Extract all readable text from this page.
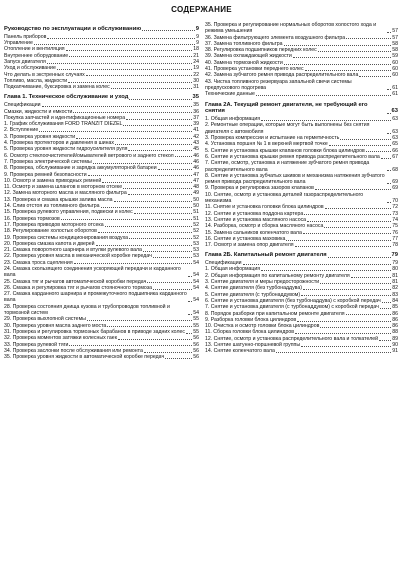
СОДЕРЖАНИЕ
Руководство по эксплуатации и обслуживанию	9
Панель приборов	9
Управление	9
Отопление и вентиляция	18
Внутреннее оборудование	21
Запуск двигателя	24
Уход и обслуживание	19
Что делать в экстренных случаях	22
Топливо, масла, жидкости	30
Подкапчивание, буксировка и замена колес	31
Глава 1. Техническое обслуживание и уход	35
Спецификации	35
Смазки, жидкости и емкости	36
Покупка запчастей и идентификационные номера	37
1. График обслуживания FORD TRANZIT DIEZEL	39
2. Вступление	41
3. Проверка уровня жидкости	42
4. Проверка протекторов и давления в шинах	43
5. Проверка уровня жидкости гидроусилителя руля	45
6. Осмотр стеклоочистителей/омывателей ветрового и заднего стекол	46
7. Проверка электрической системы	46
8. Проверка, обслуживание и зарядка аккумуляторной батареи	46
9. Проверка ремней безопасности	47
10. Осмотр и замена приводных ремней	47
11. Осмотр и замена шлангов в моторном отсеке	48
12. Замена моторного масла и масляного фильтра	49
13. Проверка и смазка крышки залива масла	50
14. Слив отстоя из топливного фильтра	50
15. Проверка рулевого управления, подвески и колес	51
16. Проверка тормозов	51
17. Проверка приводов моторного отсека	52
18. Регулирование холостых оборотов	52
19. Проверка системы кондиционирования воздуха	52
20. Проверка смазка капота и дверей	53
21. Смазка поворотного шарнира и втулки рулевого вала	53
22. Проверка уровня масла в механической коробке передач	53
23. Смазка троса сцепления	54
24. Смазка скользящего соединения ускоряющей передачи и карданного вала	54
25. Смазка тяг и рычагов автоматической коробки передач	54
26. Смазка и регулировка тяг и рычагов стояночного тормоза	54
27. Смазка карданного шарнира и промежуточного подшипника карданного вала	54
28. Проверка состояния днища кузова и трубопроводов топливной и тормозной систем	54
29. Проверка выхлопной системы	55
30. Проверка уровня масла заднего моста	55
31. Проверка и регулировка тормозных барабанов в приводе задних колес 55
32. Проверка моментов затяжки колесных гаек	56
33. Проверка рулевой тяги	56
34. Проверка заслонки после обслуживания или ремонта	56
35. Проверка уровня жидкости в автоматической коробке передач	56
35. Проверка и регулирование нормальных оборотов холостого хода и режима умеьшения	57
36. Замена фильтрующего элемента воздушного фильтра	57
37. Замена топливного фильтра	58
38. Регулировка подшипников передних колес	58
39. Замена охлаждающей жидкости	59
40. Замена тормозной жидкости	60
41. Проверка установки переднего колес	60
42. Замена зубчатого ремня привода распределительного вала	60
43. Чистка топливного резервуара запальной свечи системы предпускового подогрева	61
Технические данные	61
Глава 2А. Текущий ремонт двигателя, не требующий его снятия	63
1. Общая информация	63
2. Ремонтные операции, которые могут быть выполнены без снятия двигателя с автомобиля	63
3. Проверка компрессии и испытание на герметичность	63
4. Установка поршня № 1 в верхней мертвой точке	65
5. Снятие и установка крышки клапанов головки блока цилиндров	66
6. Снятие и установка крышки ремня привода распределительного вала 67
7. Снятие, осмотр, установка и натяжение зубчатого ремня привода распределительного вала	68
8. Снятие и установка зубчатых шкивов и механизма натяжения зубчатого ремня привода распределительного вала	69
9. Проверка и регулировка зазоров клапанов	69
10. Снятие, осмотр и установка деталей газораспределительного механизма	70
11. Снятие и установка головки блока цилиндров	72
12. Снятие и установка поддона картера	73
13. Снятие и установка масляного насоса	74
14. Разборка, осмотр и сборка масляного насоса	75
15. Замена сальников коленчатого вала	76
16. Снятие и установка маховика	77
17. Осмотр и замена опор двигателя	78
Глава 2Б. Капитальный ремонт двигателя	79
Спецификации	79
1. Общая информация	80
2. Общая информация по капитальному ремонту двигателя	81
3. Снятие двигателя и меры предосторожности	81
4. Снятие двигателя (без турбонаддува)	82
5. Снятие двигателя (с турбонаддувом)	83
6. Снятие и установка двигателя (без турбонаддува) с коробкой передач 84
7. Снятие и установка двигателя (с турбонаддувом) с коробкой передач	85
8. Порядок разборки при капитальном ремонте двигателя	86
9. Разборка головки блока цилиндров	86
10. Очистка и осмотр головки блока цилиндров	86
11. Сборка головки блока цилиндров	88
12. Снятие, осмотр и установка распределительного вала и толкателей	89
13. Снятие шатунно-поршневой группы	90
14. Снятие коленчатого вала	91
